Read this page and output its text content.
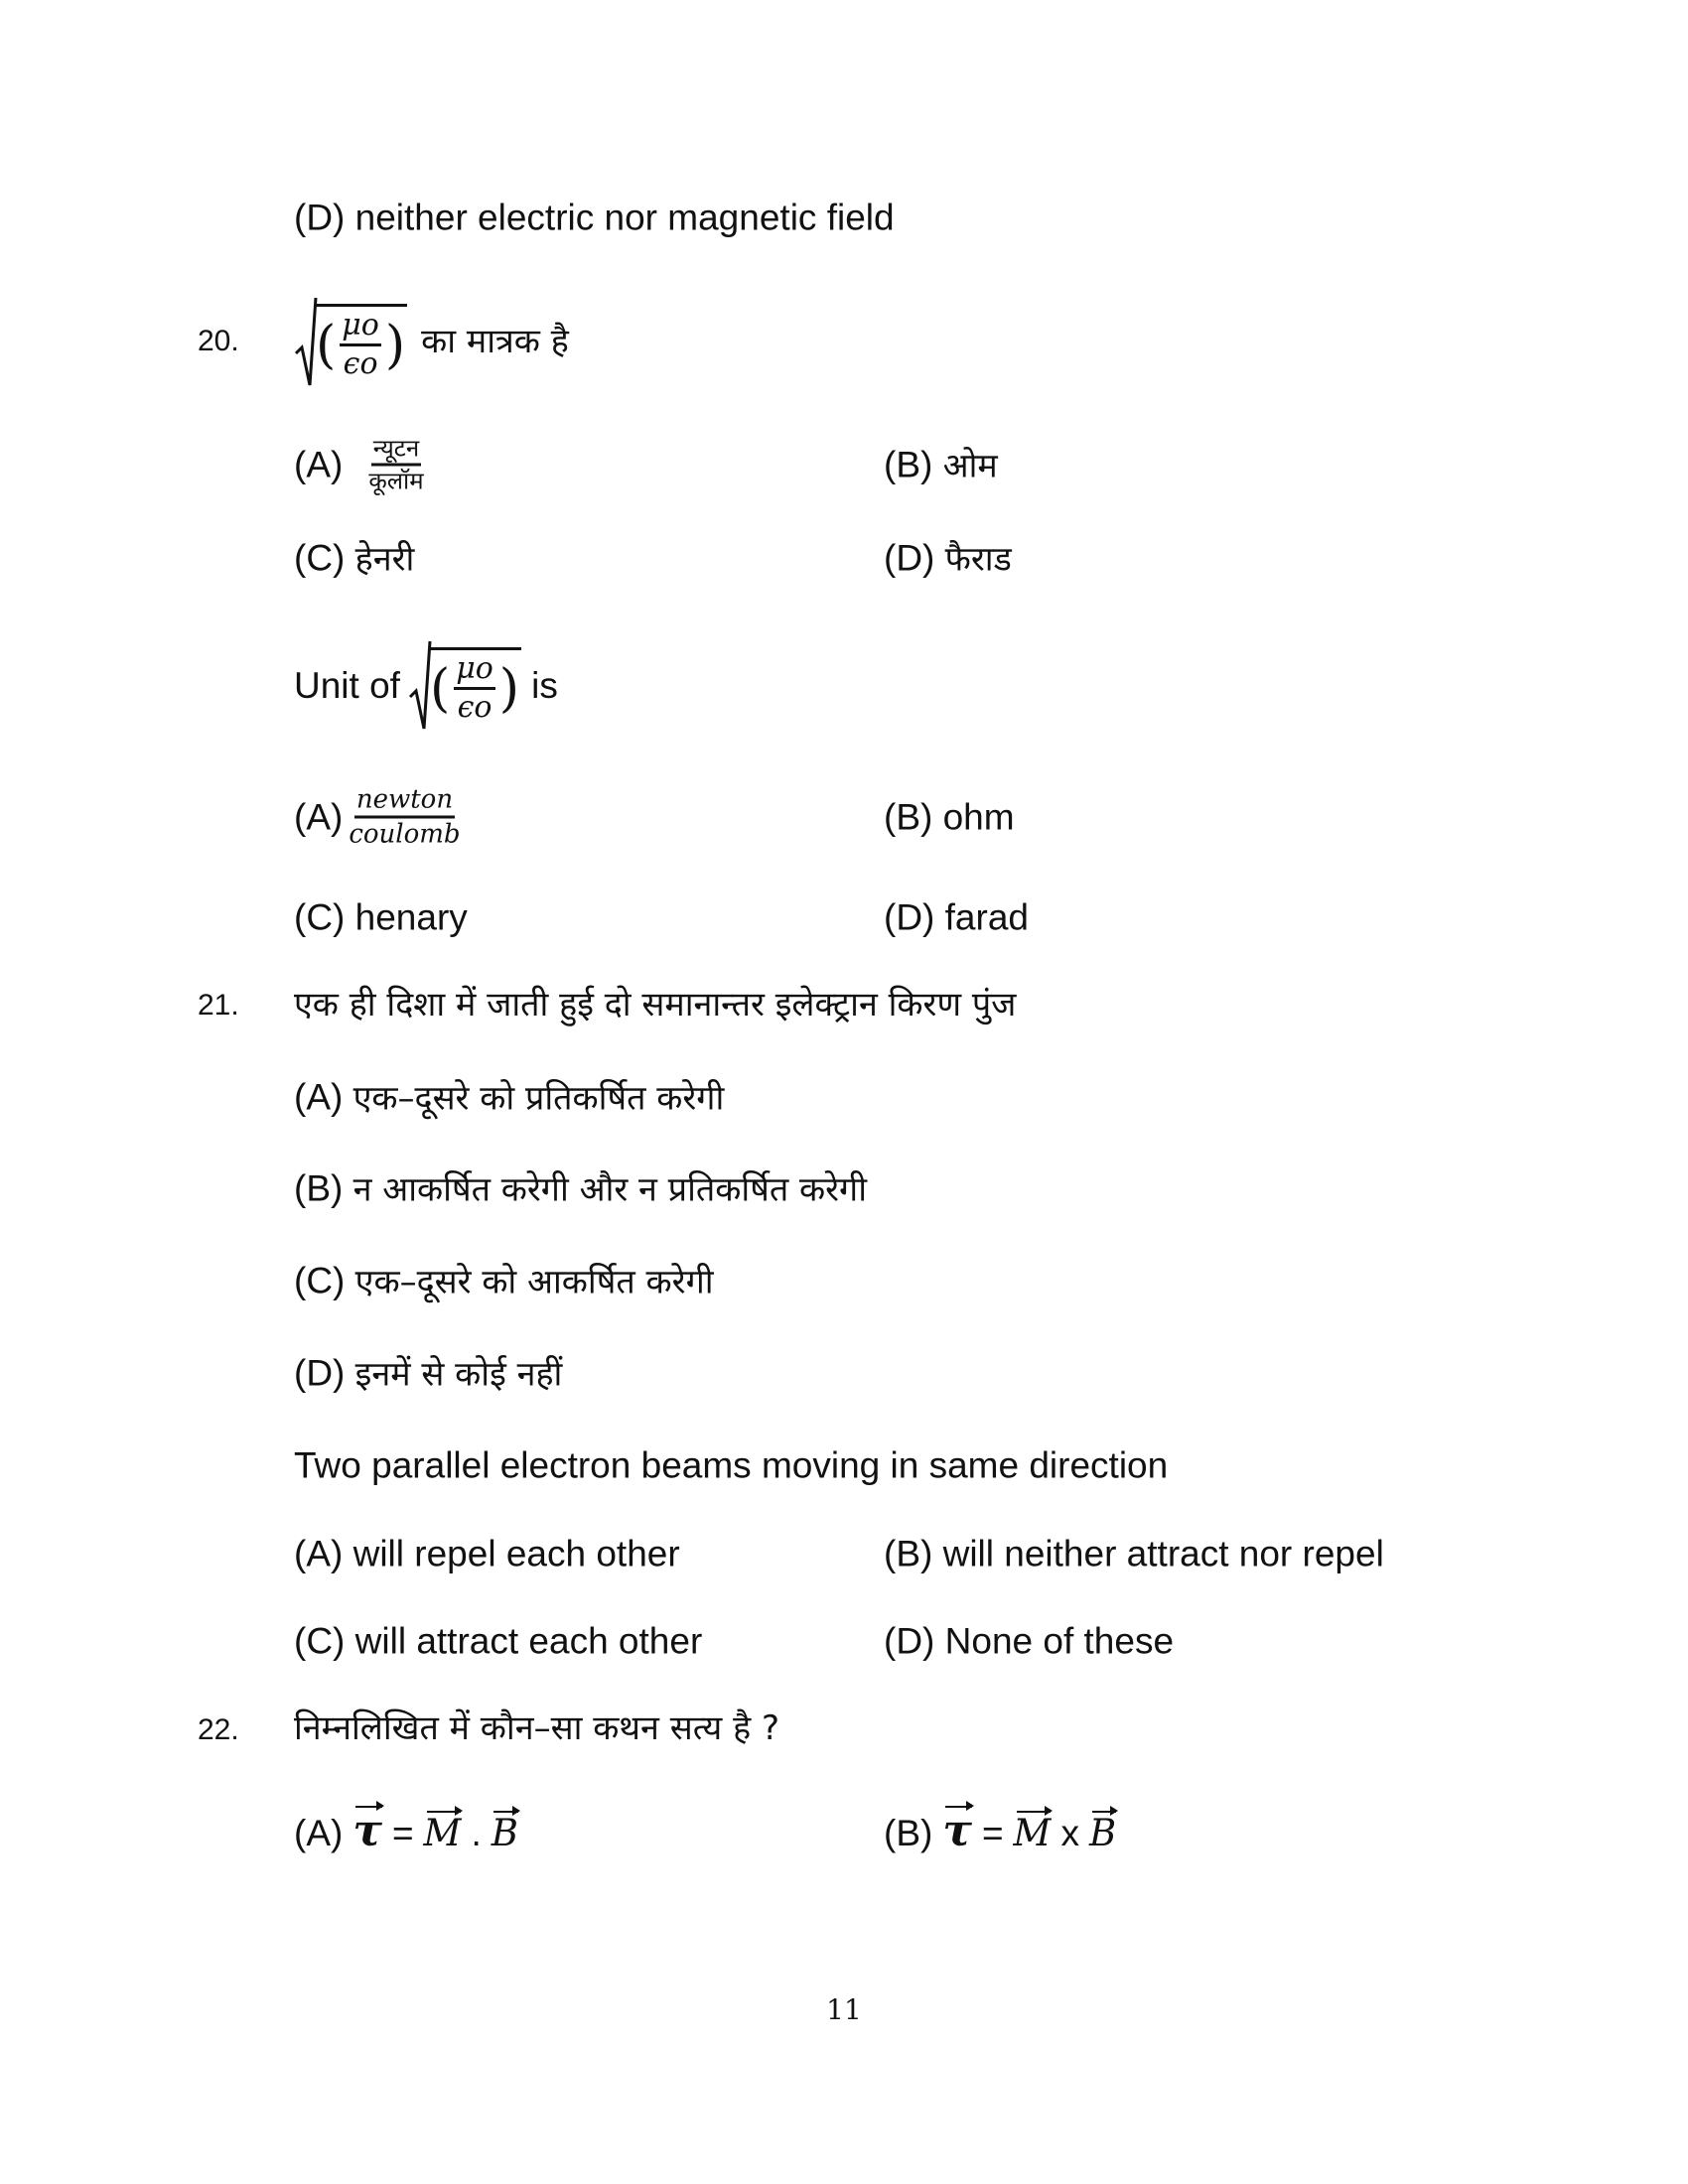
(D) neither electric nor magnetic field
20. ( $\frac{\mu o}{\epsilon o}$ ) का मात्रक है
$(A) \frac{\text{न्यूटन}}{\text{कूलॉम}}$	(B) ओम
(C) हेनरी	(D) फैराड
Unit of ( $\frac{\mu o}{\epsilon o}$ ) is
$(A) \frac{\text{newton}}{\text{coulomb}}$	(B) ohm
(C) henary	(D) farad
21. एक ही दिशा में जाती हुई दो समानान्तर इलेक्ट्रान किरण पुंज
(A) एक–दूसरे को प्रतिकर्षित करेगी
(B) न आकर्षित करेगी और न प्रतिकर्षित करेगी
(C) एक–दूसरे को आकर्षित करेगी
(D) इनमें से कोई नहीं
Two parallel electron beams moving in same direction
(A) will repel each other	(B) will neither attract nor repel
(C) will attract each other	(D) None of these
22. निम्नलिखित में कौन–सा कथन सत्य है ?
(A) τ = M . B	(B) τ = M x B
11
